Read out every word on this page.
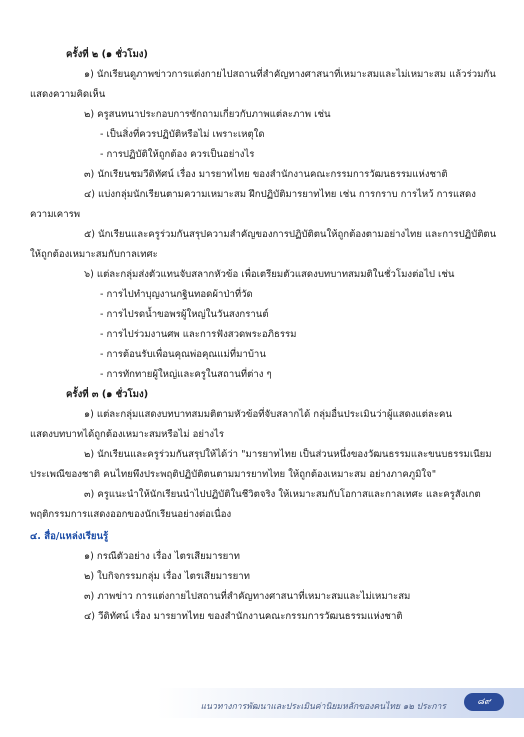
ครั้งที่ ๒ (๑ ชั่วโมง)
๑) นักเรียนดูภาพข่าวการแต่งกายไปสถานที่สำคัญทางศาสนาที่เหมาะสมและไม่เหมาะสม แล้วร่วมกัน
แสดงความคิดเห็น
๒) ครูสนทนาประกอบการซักถามเกี่ยวกับภาพแต่ละภาพ เช่น
- เป็นสิ่งที่ควรปฏิบัติหรือไม่ เพราะเหตุใด
- การปฏิบัติให้ถูกต้อง ควรเป็นอย่างไร
๓) นักเรียนชมวีดิทัศน์ เรื่อง มารยาทไทย ของสำนักงานคณะกรรมการวัฒนธรรมแห่งชาติ
๔) แบ่งกลุ่มนักเรียนตามความเหมาะสม ฝึกปฏิบัติมารยาทไทย เช่น การกราบ การไหว้ การแสดง
ความเคารพ
๕) นักเรียนและครูร่วมกันสรุปความสำคัญของการปฏิบัติตนให้ถูกต้องตามอย่างไทย และการปฏิบัติตน
ให้ถูกต้องเหมาะสมกับกาลเทศะ
๖) แต่ละกลุ่มส่งตัวแทนจับสลากหัวข้อ เพื่อเตรียมตัวแสดงบทบาทสมมติในชั่วโมงต่อไป เช่น
- การไปทำบุญงานกฐินทอดผ้าป่าที่วัด
- การไปรดน้ำขอพรผู้ใหญ่ในวันสงกรานต์
- การไปร่วมงานศพ และการฟังสวดพระอภิธรรม
- การต้อนรับเพื่อนคุณพ่อคุณแม่ที่มาบ้าน
- การทักทายผู้ใหญ่และครูในสถานที่ต่าง ๆ
ครั้งที่ ๓ (๑ ชั่วโมง)
๑) แต่ละกลุ่มแสดงบทบาทสมมติตามหัวข้อที่จับสลากได้ กลุ่มอื่นประเมินว่าผู้แสดงแต่ละคน
แสดงบทบาทได้ถูกต้องเหมาะสมหรือไม่ อย่างไร
๒) นักเรียนและครูร่วมกันสรุปให้ได้ว่า "มารยาทไทย เป็นส่วนหนึ่งของวัฒนธรรมและขนบธรรมเนียม
ประเพณีของชาติ คนไทยพึงประพฤติปฏิบัติตนตามมารยาทไทย ให้ถูกต้องเหมาะสม อย่างภาคภูมิใจ"
๓) ครูแนะนำให้นักเรียนนำไปปฏิบัติในชีวิตจริง ให้เหมาะสมกับโอกาสและกาลเทศะ และครูสังเกต
พฤติกรรมการแสดงออกของนักเรียนอย่างต่อเนื่อง
๔. สื่อ/แหล่งเรียนรู้
๑) กรณีตัวอย่าง เรื่อง ไตรเสียมารยาท
๒) ใบกิจกรรมกลุ่ม เรื่อง ไตรเสียมารยาท
๓) ภาพข่าว การแต่งกายไปสถานที่สำคัญทางศาสนาที่เหมาะสมและไม่เหมาะสม
๔) วีดิทัศน์ เรื่อง มารยาทไทย ของสำนักงานคณะกรรมการวัฒนธรรมแห่งชาติ
แนวทางการพัฒนาและประเมินค่านิยมหลักของคนไทย ๑๒ ประการ	๘๙
